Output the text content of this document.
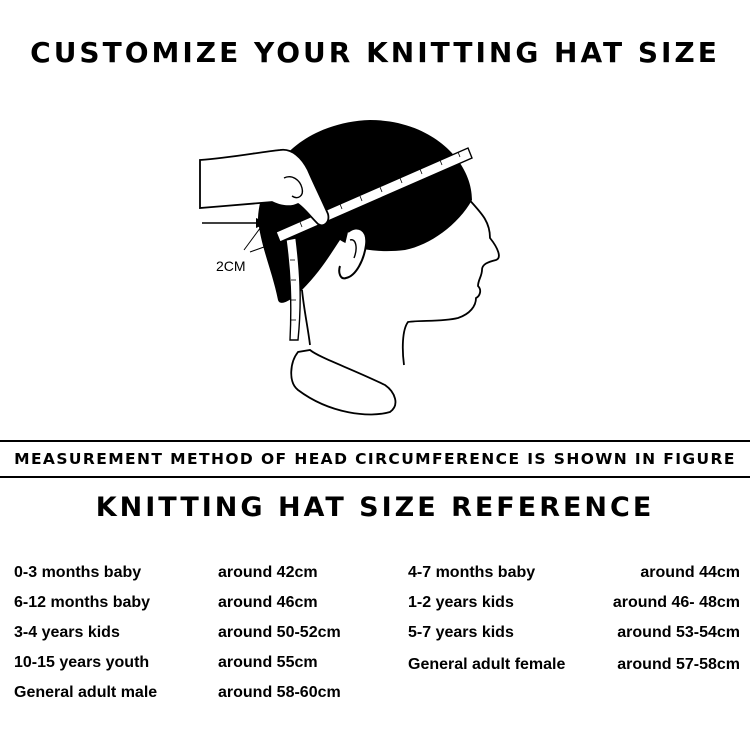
CUSTOMIZE YOUR KNITTING HAT SIZE
2CM
MEASUREMENT METHOD OF HEAD CIRCUMFERENCE IS SHOWN IN FIGURE
KNITTING HAT SIZE REFERENCE
0-3 months baby	around 42cm
6-12 months baby	around 46cm
3-4 years kids	around 50-52cm
10-15 years youth	around 55cm
General adult male	around 58-60cm
4-7 months baby	around 44cm
1-2 years kids	around 46- 48cm
5-7 years kids	around 53-54cm
General adult female	around 57-58cm
